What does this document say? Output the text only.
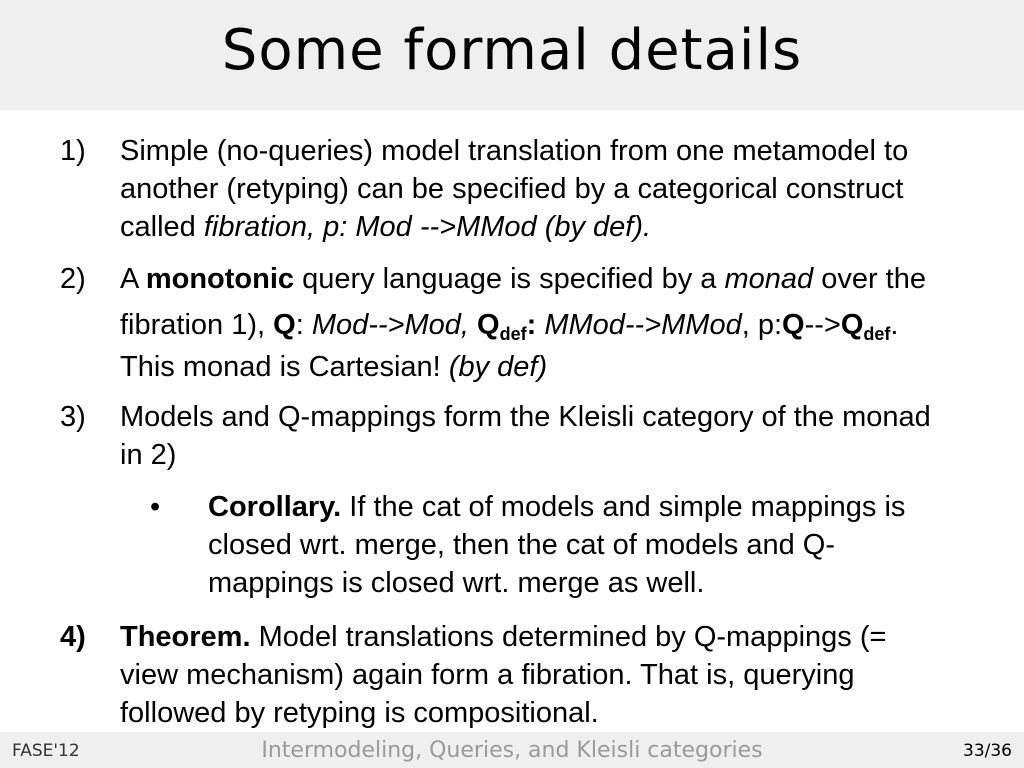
Some formal details
1)	Simple (no-queries) model translation from one metamodel to
another (retyping) can be specified by a categorical construct
called fibration, p: Mod -->MMod (by def).
2)	A monotonic query language is specified by a monad over the
fibration 1), Q: Mod-->Mod, $Q_{def}$: MMod-->MMod, $p:Q-->Q_{def}$.
This monad is Cartesian! (by def)
3)	Models and Q-mappings form the Kleisli category of the monad
in 2)
• Corollary. If the cat of models and simple mappings is
closed wrt. merge, then the cat of models and Q-
mappings is closed wrt. merge as well.
4)	Theorem. Model translations determined by Q-mappings (=
view mechanism) again form a fibration. That is, querying
followed by retyping is compositional.
FASE'12	Intermodeling, Queries, and Kleisli categories	33/36
